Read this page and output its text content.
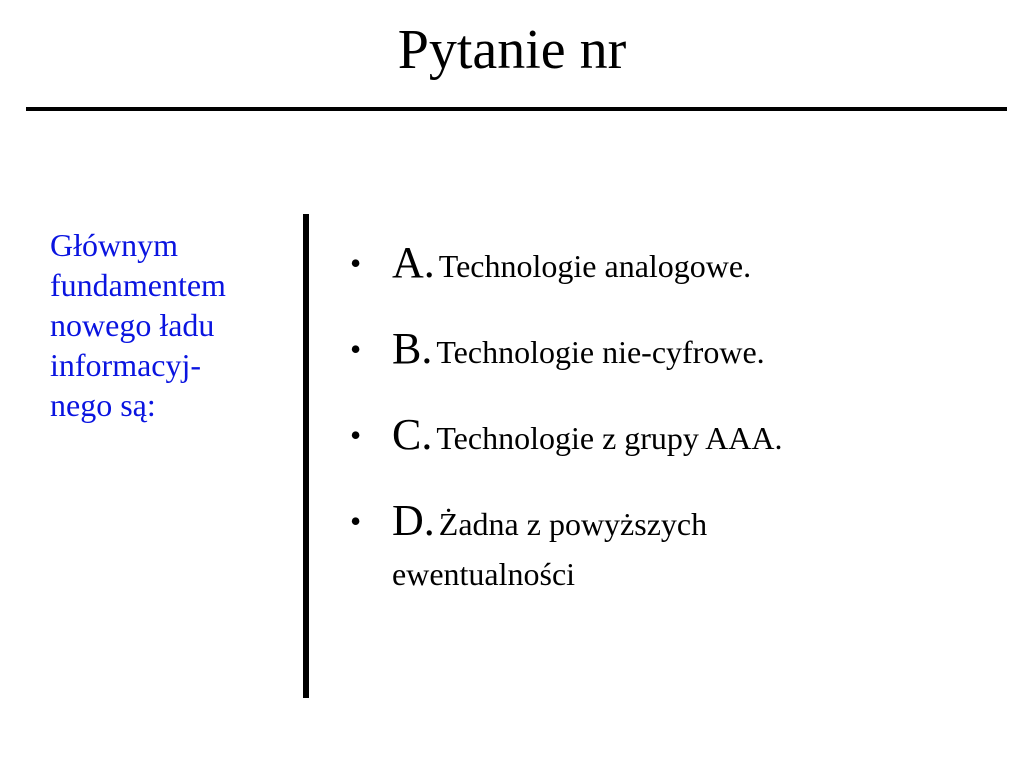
Pytanie nr
Głównym
fundamentem
nowego ładu
informacyj-
nego są:
• A. Technologie analogowe.
• B. Technologie nie-cyfrowe.
• C. Technologie z grupy AAA.
• D. Żadna z powyższych
ewentualności
